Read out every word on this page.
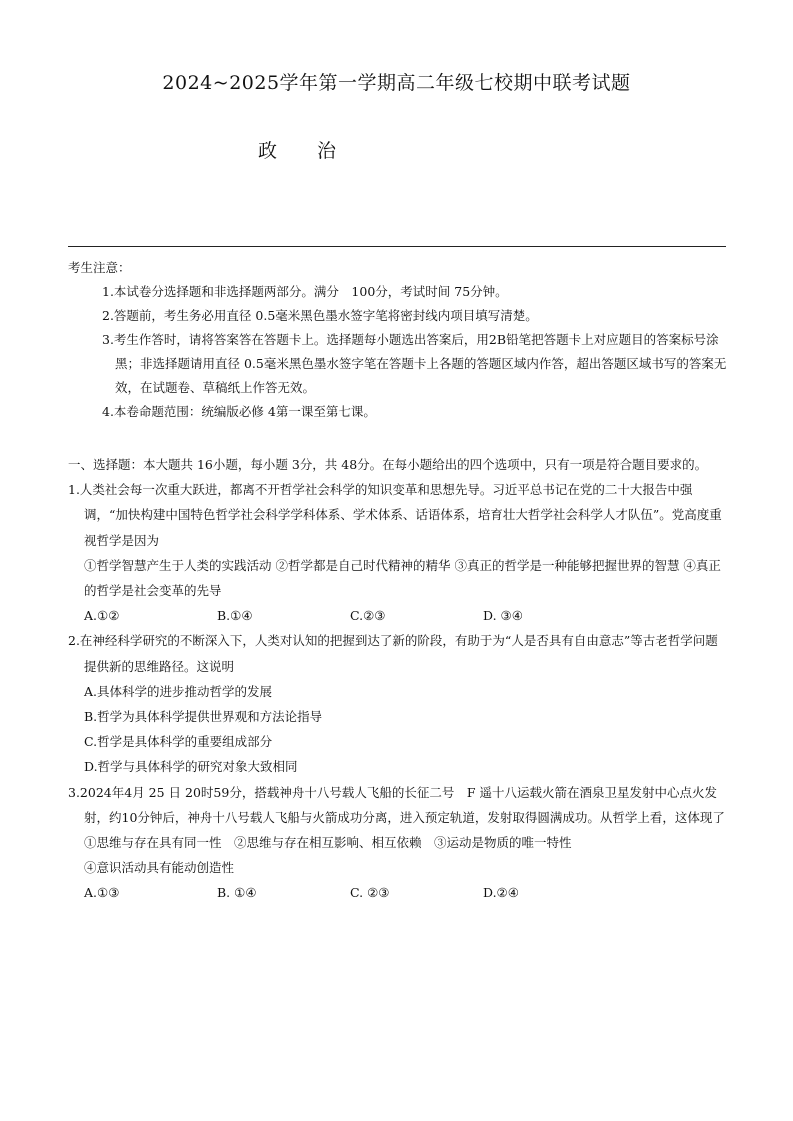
2024~2025学年第一学期高二年级七校期中联考试题
政治

考生注意：

1.本试卷分选择题和非选择题两部分。满分　100分，考试时间 75分钟。
2.答题前，考生务必用直径 0.5毫米黑色墨水签字笔将密封线内项目填写清楚。
3.考生作答时，请将答案答在答题卡上。选择题每小题选出答案后，用2B铅笔把答题卡上对应题目的答案标号涂黑；非选择题请用直径 0.5毫米黑色墨水签字笔在答题卡上各题的答题区域内作答，超出答题区域书写的答案无效，在试题卷、草稿纸上作答无效。
4.本卷命题范围：统编版必修 4第一课至第七课。

一、选择题：本大题共 16小题，每小题 3分，共 48分。在每小题给出的四个选项中，只有一项是符合题目要求的。

1.人类社会每一次重大跃进，都离不开哲学社会科学的知识变革和思想先导。习近平总书记在党的二十大报告中强调，“加快构建中国特色哲学社会科学学科体系、学术体系、话语体系，培育壮大哲学社会科学人才队伍”。党高度重视哲学是因为
①哲学智慧产生于人类的实践活动 ②哲学都是自己时代精神的精华 ③真正的哲学是一种能够把握世界的智慧 ④真正的哲学是社会变革的先导
A.①②	B.①④	C.②③	D. ③④
2.在神经科学研究的不断深入下，人类对认知的把握到达了新的阶段，有助于为“人是否具有自由意志”等古老哲学问题提供新的思维路径。这说明
A.具体科学的进步推动哲学的发展
B.哲学为具体科学提供世界观和方法论指导
C.哲学是具体科学的重要组成部分
D.哲学与具体科学的研究对象大致相同
3.2024年4月 25 日 20时59分，搭载神舟十八号载人飞船的长征二号　F 遥十八运载火箭在酒泉卫星发射中心点火发射，约10分钟后，神舟十八号载人飞船与火箭成功分离，进入预定轨道，发射取得圆满成功。从哲学上看，这体现了
①思维与存在具有同一性　②思维与存在相互影响、相互依赖　③运动是物质的唯一特性
④意识活动具有能动创造性
A.①③	B. ①④	C. ②③	D.②④
